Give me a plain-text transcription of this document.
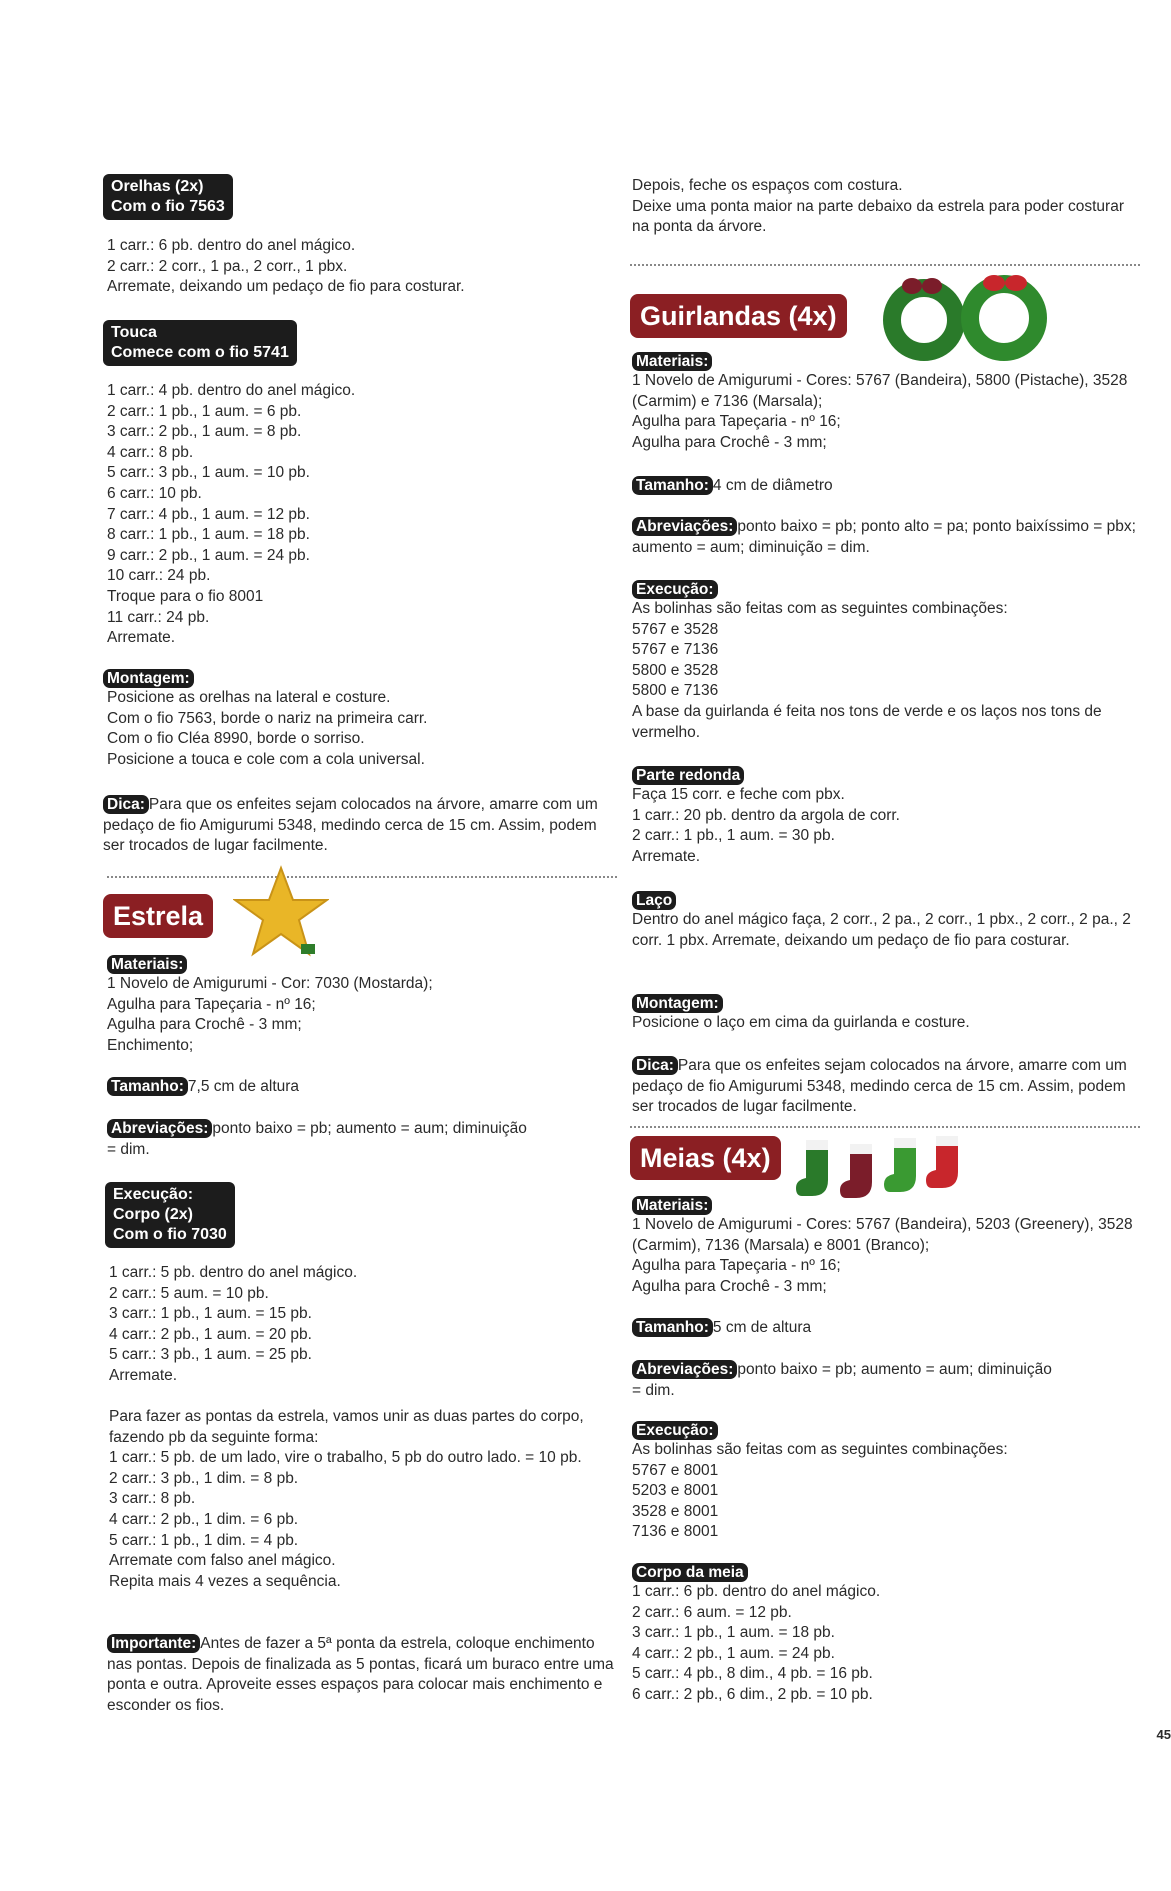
Orelhas (2x)
Com o fio 7563
1 carr.: 6 pb. dentro do anel mágico.
2 carr.: 2 corr., 1 pa., 2 corr., 1 pbx.
Arremate, deixando um pedaço de fio para costurar.
Touca
Comece com o fio 5741
1 carr.: 4 pb. dentro do anel mágico.
2 carr.: 1 pb., 1 aum. = 6 pb.
3 carr.: 2 pb., 1 aum. = 8 pb.
4 carr.: 8 pb.
5 carr.: 3 pb., 1 aum. = 10 pb.
6 carr.: 10 pb.
7 carr.: 4 pb., 1 aum. = 12 pb.
8 carr.: 1 pb., 1 aum. = 18 pb.
9 carr.: 2 pb., 1 aum. = 24 pb.
10 carr.: 24 pb.
Troque para o fio 8001
11 carr.: 24 pb.
Arremate.
Montagem:
Posicione as orelhas na lateral e costure.
Com o fio 7563, borde o nariz na primeira carr.
Com o fio Cléa 8990, borde o sorriso.
Posicione a touca e cole com a cola universal.

Dica: Para que os enfeites sejam colocados na árvore, amarre com um pedaço de fio Amigurumi 5348, medindo cerca de 15 cm. Assim, podem ser trocados de lugar facilmente.

Estrela
Materiais:
1 Novelo de Amigurumi - Cor: 7030 (Mostarda);
Agulha para Tapeçaria - nº 16;
Agulha para Crochê - 3 mm;
Enchimento;

Tamanho: 7,5 cm de altura

Abreviações: ponto baixo = pb; aumento = aum; diminuição = dim.

Execução:
Corpo (2x)
Com o fio 7030
1 carr.: 5 pb. dentro do anel mágico.
2 carr.: 5 aum. = 10 pb.
3 carr.: 1 pb., 1 aum. = 15 pb.
4 carr.: 2 pb., 1 aum. = 20 pb.
5 carr.: 3 pb., 1 aum. = 25 pb.
Arremate.
Para fazer as pontas da estrela, vamos unir as duas partes do corpo, fazendo pb da seguinte forma:
1 carr.: 5 pb. de um lado, vire o trabalho, 5 pb do outro lado. = 10 pb.
2 carr.: 3 pb., 1 dim. = 8 pb.
3 carr.: 8 pb.
4 carr.: 2 pb., 1 dim. = 6 pb.
5 carr.: 1 pb., 1 dim. = 4 pb.
Arremate com falso anel mágico.
Repita mais 4 vezes a sequência.

Importante: Antes de fazer a 5ª ponta da estrela, coloque enchimento nas pontas. Depois de finalizada as 5 pontas, ficará um buraco entre uma ponta e outra. Aproveite esses espaços para colocar mais enchimento e esconder os fios.

Depois, feche os espaços com costura.
Deixe uma ponta maior na parte debaixo da estrela para poder costurar na ponta da árvore.
Guirlandas (4x)
Materiais:

1 Novelo de Amigurumi - Cores: 5767 (Bandeira), 5800 (Pistache), 3528 (Carmim) e 7136 (Marsala);

Agulha para Tapeçaria - nº 16;
Agulha para Crochê - 3 mm;

Tamanho: 4 cm de diâmetro

Abreviações: ponto baixo = pb; ponto alto = pa; ponto baixíssimo = pbx; aumento = aum; diminuição = dim.

Execução:
As bolinhas são feitas com as seguintes combinações:
5767 e 3528
5767 e 7136
5800 e 3528
5800 e 7136

A base da guirlanda é feita nos tons de verde e os laços nos tons de vermelho.

Parte redonda
Faça 15 corr. e feche com pbx.
1 carr.: 20 pb. dentro da argola de corr.
2 carr.: 1 pb., 1 aum. = 30 pb.
Arremate.
Laço

Dentro do anel mágico faça, 2 corr., 2 pa., 2 corr., 1 pbx., 2 corr., 2 pa., 2 corr. 1 pbx. Arremate, deixando um pedaço de fio para costurar.

Montagem:
Posicione o laço em cima da guirlanda e costure.

Dica: Para que os enfeites sejam colocados na árvore, amarre com um pedaço de fio Amigurumi 5348, medindo cerca de 15 cm. Assim, podem ser trocados de lugar facilmente.

Meias (4x)
Materiais:

1 Novelo de Amigurumi - Cores: 5767 (Bandeira), 5203 (Greenery), 3528 (Carmim), 7136 (Marsala) e 8001 (Branco);

Agulha para Tapeçaria - nº 16;
Agulha para Crochê - 3 mm;

Tamanho: 5 cm de altura

Abreviações: ponto baixo = pb; aumento = aum; diminuição = dim.

Execução:
As bolinhas são feitas com as seguintes combinações:
5767 e 8001
5203 e 8001
3528 e 8001
7136 e 8001
Corpo da meia
1 carr.: 6 pb. dentro do anel mágico.
2 carr.: 6 aum. = 12 pb.
3 carr.: 1 pb., 1 aum. = 18 pb.
4 carr.: 2 pb., 1 aum. = 24 pb.
5 carr.: 4 pb., 8 dim., 4 pb. = 16 pb.
6 carr.: 2 pb., 6 dim., 2 pb. = 10 pb.
45
